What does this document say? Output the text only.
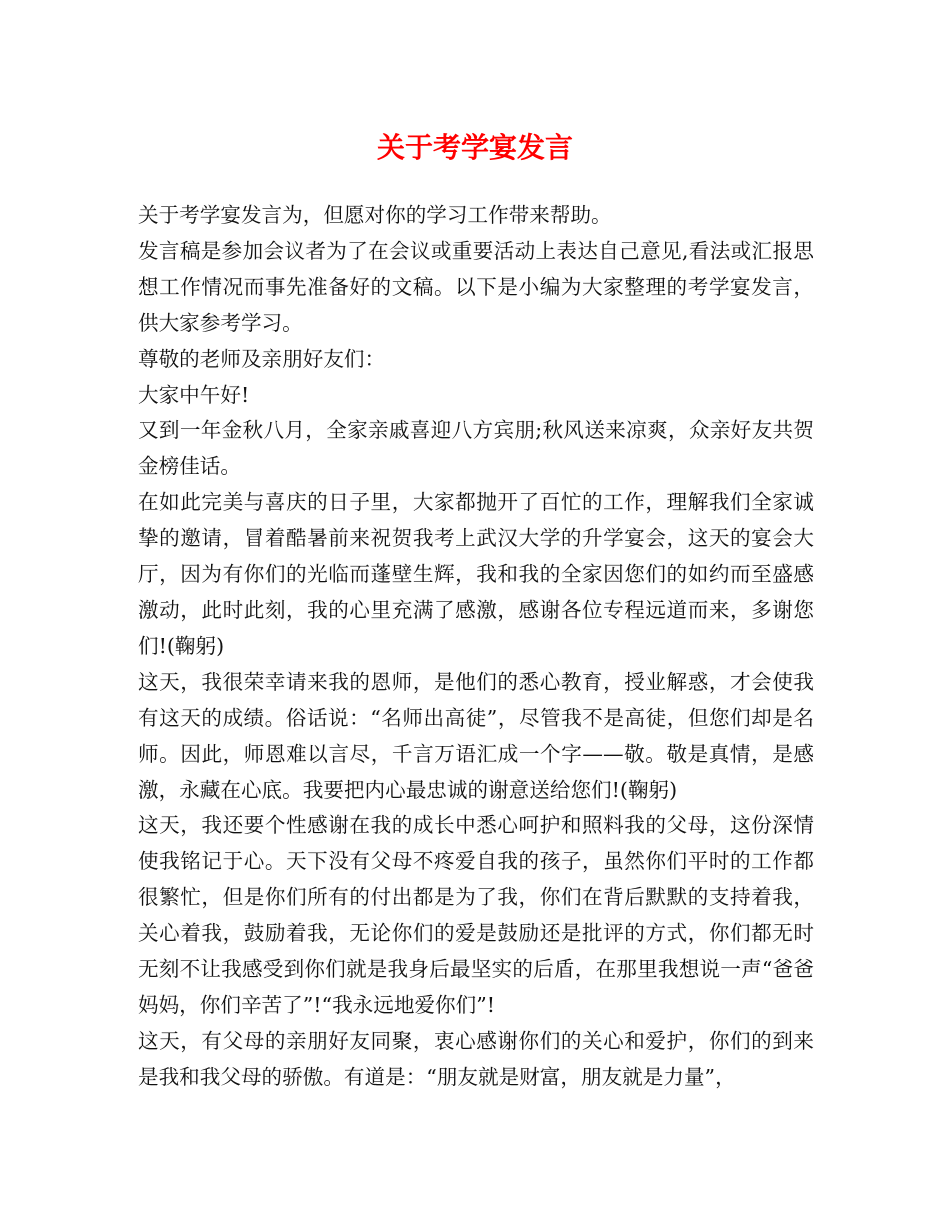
关于考学宴发言

关于考学宴发言为，但愿对你的学习工作带来帮助。

发言稿是参加会议者为了在会议或重要活动上表达自己意见,看法或汇报思想工作情况而事先准备好的文稿。以下是小编为大家整理的考学宴发言，供大家参考学习。

尊敬的老师及亲朋好友们：

大家中午好!

又到一年金秋八月，全家亲戚喜迎八方宾朋;秋风送来凉爽，众亲好友共贺金榜佳话。

在如此完美与喜庆的日子里，大家都抛开了百忙的工作，理解我们全家诚挚的邀请，冒着酷暑前来祝贺我考上武汉大学的升学宴会，这天的宴会大厅，因为有你们的光临而蓬壁生辉，我和我的全家因您们的如约而至盛感激动，此时此刻，我的心里充满了感激，感谢各位专程远道而来，多谢您们!(鞠躬)

这天，我很荣幸请来我的恩师，是他们的悉心教育，授业解惑，才会使我有这天的成绩。俗话说：“名师出高徒”，尽管我不是高徒，但您们却是名师。因此，师恩难以言尽，千言万语汇成一个字——敬。敬是真情，是感激，永藏在心底。我要把内心最忠诚的谢意送给您们!(鞠躬)

这天，我还要个性感谢在我的成长中悉心呵护和照料我的父母，这份深情使我铭记于心。天下没有父母不疼爱自我的孩子，虽然你们平时的工作都很繁忙，但是你们所有的付出都是为了我，你们在背后默默的支持着我，关心着我，鼓励着我，无论你们的爱是鼓励还是批评的方式，你们都无时无刻不让我感受到你们就是我身后最坚实的后盾，在那里我想说一声“爸爸妈妈，你们辛苦了”!“我永远地爱你们”!

这天，有父母的亲朋好友同聚，衷心感谢你们的关心和爱护，你们的到来是我和我父母的骄傲。有道是：“朋友就是财富，朋友就是力量”，
